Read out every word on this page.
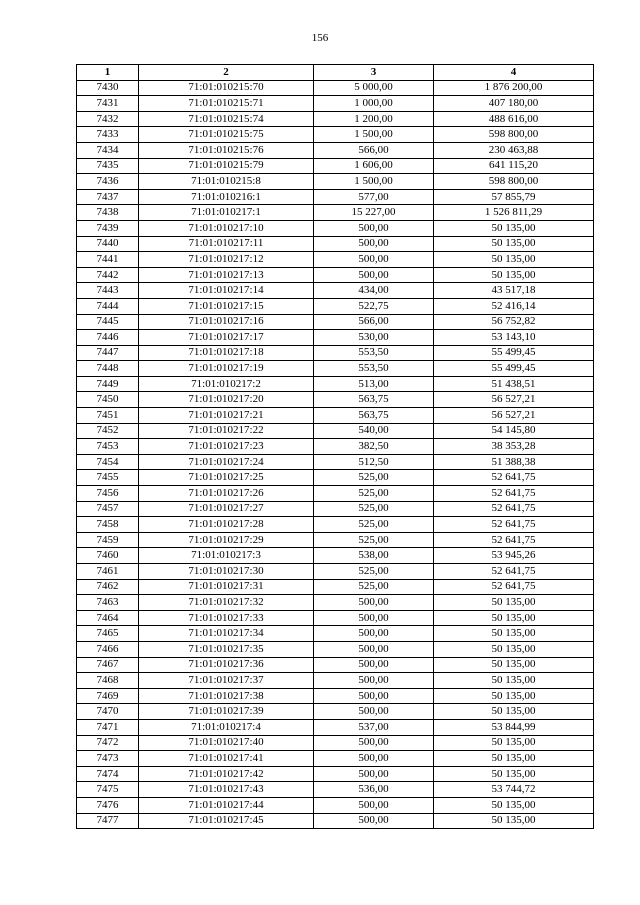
156
1	2	3	4
7430	71:01:010215:70	5 000,00	1 876 200,00
7431	71:01:010215:71	1 000,00	407 180,00
7432	71:01:010215:74	1 200,00	488 616,00
7433	71:01:010215:75	1 500,00	598 800,00
7434	71:01:010215:76	566,00	230 463,88
7435	71:01:010215:79	1 606,00	641 115,20
7436	71:01:010215:8	1 500,00	598 800,00
7437	71:01:010216:1	577,00	57 855,79
7438	71:01:010217:1	15 227,00	1 526 811,29
7439	71:01:010217:10	500,00	50 135,00
7440	71:01:010217:11	500,00	50 135,00
7441	71:01:010217:12	500,00	50 135,00
7442	71:01:010217:13	500,00	50 135,00
7443	71:01:010217:14	434,00	43 517,18
7444	71:01:010217:15	522,75	52 416,14
7445	71:01:010217:16	566,00	56 752,82
7446	71:01:010217:17	530,00	53 143,10
7447	71:01:010217:18	553,50	55 499,45
7448	71:01:010217:19	553,50	55 499,45
7449	71:01:010217:2	513,00	51 438,51
7450	71:01:010217:20	563,75	56 527,21
7451	71:01:010217:21	563,75	56 527,21
7452	71:01:010217:22	540,00	54 145,80
7453	71:01:010217:23	382,50	38 353,28
7454	71:01:010217:24	512,50	51 388,38
7455	71:01:010217:25	525,00	52 641,75
7456	71:01:010217:26	525,00	52 641,75
7457	71:01:010217:27	525,00	52 641,75
7458	71:01:010217:28	525,00	52 641,75
7459	71:01:010217:29	525,00	52 641,75
7460	71:01:010217:3	538,00	53 945,26
7461	71:01:010217:30	525,00	52 641,75
7462	71:01:010217:31	525,00	52 641,75
7463	71:01:010217:32	500,00	50 135,00
7464	71:01:010217:33	500,00	50 135,00
7465	71:01:010217:34	500,00	50 135,00
7466	71:01:010217:35	500,00	50 135,00
7467	71:01:010217:36	500,00	50 135,00
7468	71:01:010217:37	500,00	50 135,00
7469	71:01:010217:38	500,00	50 135,00
7470	71:01:010217:39	500,00	50 135,00
7471	71:01:010217:4	537,00	53 844,99
7472	71:01:010217:40	500,00	50 135,00
7473	71:01:010217:41	500,00	50 135,00
7474	71:01:010217:42	500,00	50 135,00
7475	71:01:010217:43	536,00	53 744,72
7476	71:01:010217:44	500,00	50 135,00
7477	71:01:010217:45	500,00	50 135,00
